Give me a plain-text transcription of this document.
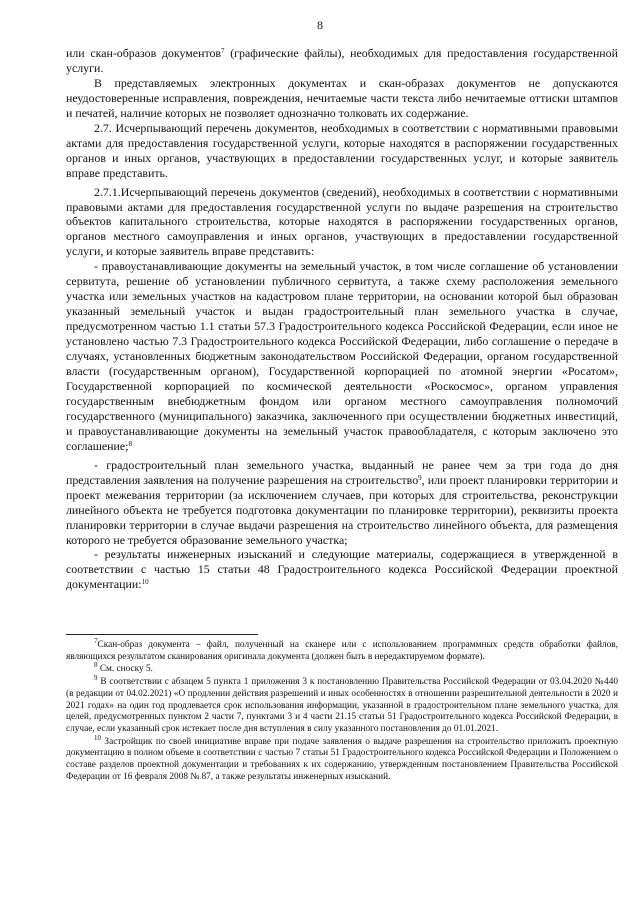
8

или скан-образов документов$^7$ (графические файлы), необходимых для предоставления государственной услуги.

В представляемых электронных документах и скан-образах документов не допускаются неудостоверенные исправления, повреждения, нечитаемые части текста либо нечитаемые оттиски штампов и печатей, наличие которых не позволяет однозначно толковать их содержание.

2.7. Исчерпывающий перечень документов, необходимых в соответствии с нормативными правовыми актами для предоставления государственной услуги, которые находятся в распоряжении государственных органов и иных органов, участвующих в предоставлении государственных услуг, и которые заявитель вправе представить.

2.7.1.Исчерпывающий перечень документов (сведений), необходимых в соответствии с нормативными правовыми актами для предоставления государственной услуги по выдаче разрешения на строительство объектов капитального строительства, которые находятся в распоряжении государственных органов, органов местного самоуправления и иных органов, участвующих в предоставлении государственной услуги, и которые заявитель вправе представить:

- правоустанавливающие документы на земельный участок, в том числе соглашение об установлении сервитута, решение об установлении публичного сервитута, а также схему расположения земельного участка или земельных участков на кадастровом плане территории, на основании которой был образован указанный земельный участок и выдан градостроительный план земельного участка в случае, предусмотренном частью 1.1 статьи 57.3 Градостроительного кодекса Российской Федерации, если иное не установлено частью 7.3 Градостроительного кодекса Российской Федерации, либо соглашение о передаче в случаях, установленных бюджетным законодательством Российской Федерации, органом государственной власти (государственным органом), Государственной корпорацией по атомной энергии «Росатом», Государственной корпорацией по космической деятельности «Роскосмос», органом управления государственным внебюджетным фондом или органом местного самоуправления полномочий государственного (муниципального) заказчика, заключенного при осуществлении бюджетных инвестиций, и правоустанавливающие документы на земельный участок правообладателя, с которым заключено это соглашение;$^8$

- градостроительный план земельного участка, выданный не ранее чем за три года до дня представления заявления на получение разрешения на строительство$^9$, или проект планировки территории и проект межевания территории (за исключением случаев, при которых для строительства, реконструкции линейного объекта не требуется подготовка документации по планировке территории), реквизиты проекта планировки территории в случае выдачи разрешения на строительство линейного объекта, для размещения которого не требуется образование земельного участка;

- результаты инженерных изысканий и следующие материалы, содержащиеся в утвержденной в соответствии с частью 15 статьи 48 Градостроительного кодекса Российской Федерации проектной документации:$^{10}$

$^7$Скан-образ документа – файл, полученный на сканере или с использованием программных средств обработки файлов, являющихся результатом сканирования оригинала документа (должен быть в нередактируемом формате).

$^8$ См. сноску 5.

$^9$ В соответствии с абзацем 5 пункта 1 приложения 3 к постановлению Правительства Российской Федерации от 03.04.2020 №440 (в редакции от 04.02.2021) «О продлении действия разрешений и иных особенностях в отношении разрешительной деятельности в 2020 и 2021 годах» на один год продлевается срок использования информации, указанной в градостроительном плане земельного участка, для целей, предусмотренных пунктом 2 части 7, пунктами 3 и 4 части 21.15 статьи 51 Градостроительного кодекса Российской Федерации, в случае, если указанный срок истекает после дня вступления в силу указанного постановления до 01.01.2021.

$^{10}$ Застройщик по своей инициативе вправе при подаче заявления о выдаче разрешения на строительство приложить проектную документацию в полном объеме в соответствии с частью 7 статьи 51 Градостроительного кодекса Российской Федерации и Положением о составе разделов проектной документации и требованиях к их содержанию, утвержденным постановлением Правительства Российской Федерации от 16 февраля 2008 № 87, а также результаты инженерных изысканий.
